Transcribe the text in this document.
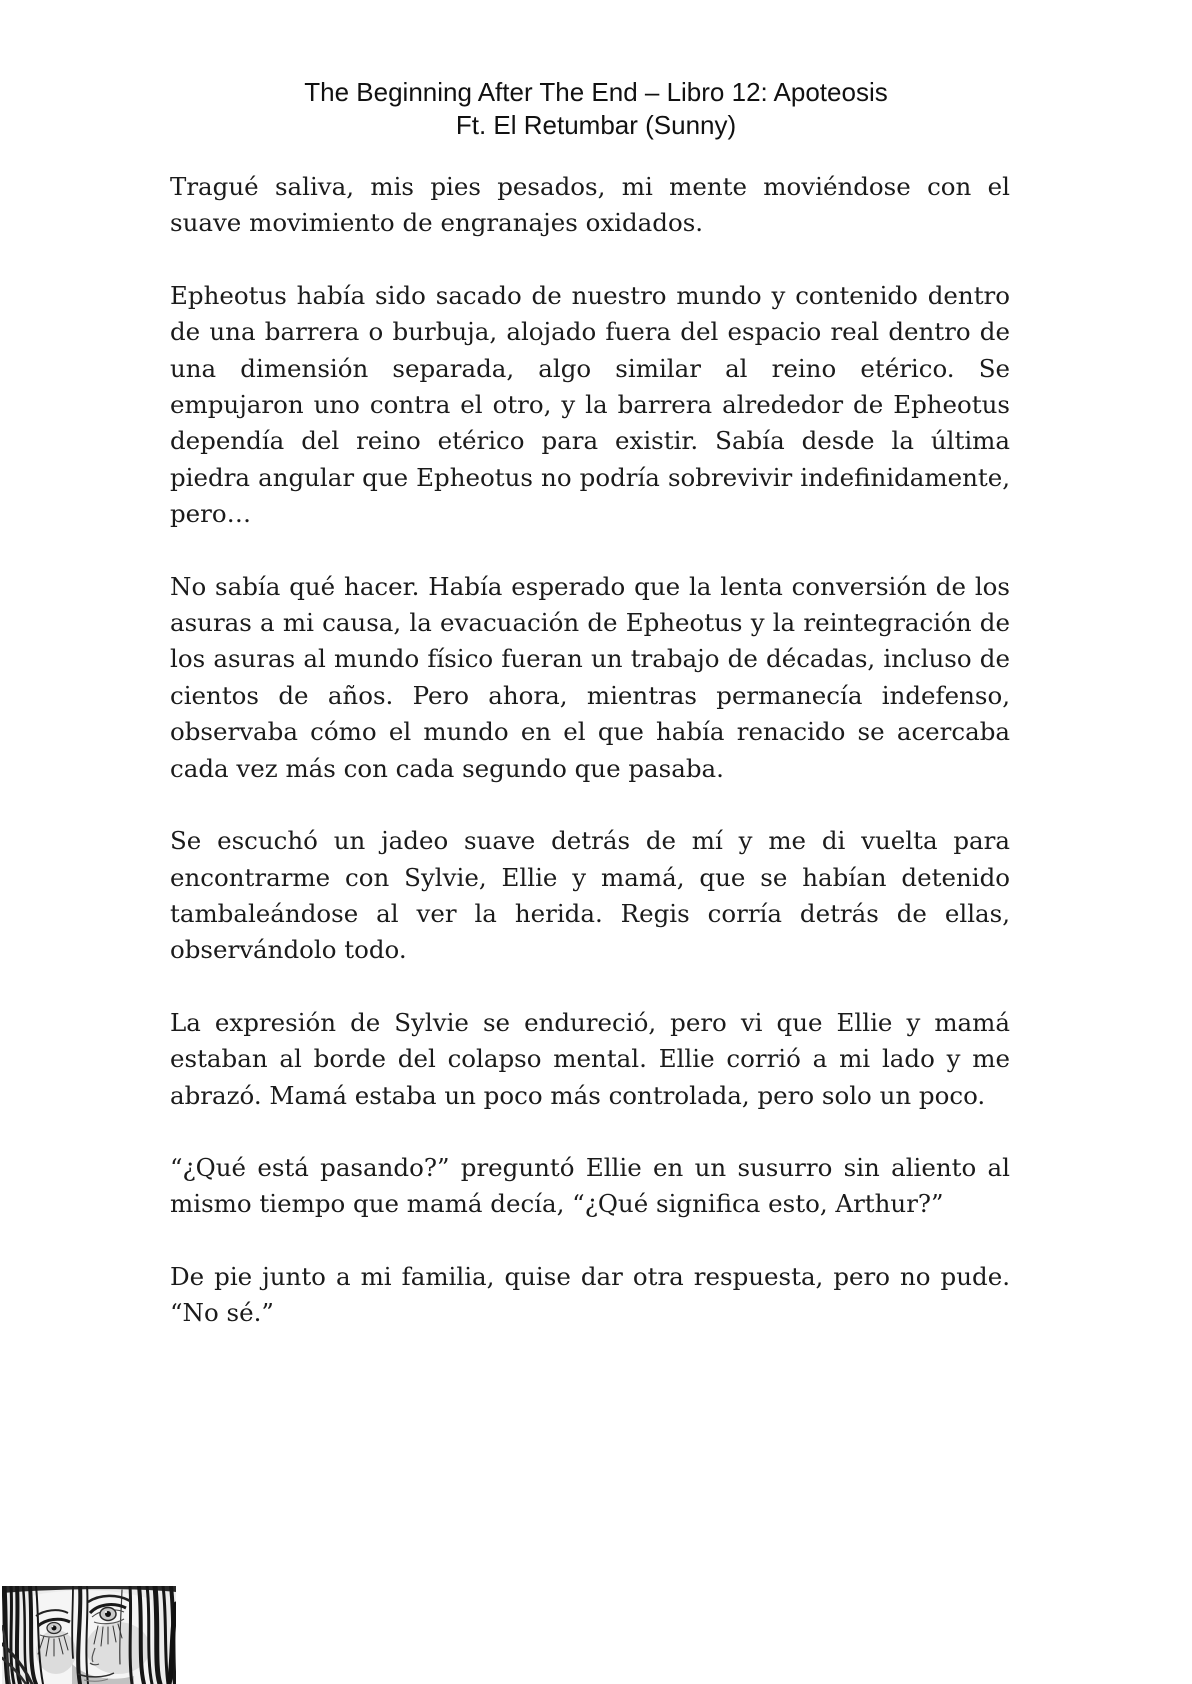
The Beginning After The End – Libro 12: Apoteosis
Ft. El Retumbar (Sunny)

Tragué saliva, mis pies pesados, mi mente moviéndose con el suave movimiento de engranajes oxidados.

Epheotus había sido sacado de nuestro mundo y contenido dentro de una barrera o burbuja, alojado fuera del espacio real dentro de una dimensión separada, algo similar al reino etérico. Se empujaron uno contra el otro, y la barrera alrededor de Epheotus dependía del reino etérico para existir. Sabía desde la última piedra angular que Epheotus no podría sobrevivir indefinidamente, pero…

No sabía qué hacer. Había esperado que la lenta conversión de los asuras a mi causa, la evacuación de Epheotus y la reintegración de los asuras al mundo físico fueran un trabajo de décadas, incluso de cientos de años. Pero ahora, mientras permanecía indefenso, observaba cómo el mundo en el que había renacido se acercaba cada vez más con cada segundo que pasaba.

Se escuchó un jadeo suave detrás de mí y me di vuelta para encontrarme con Sylvie, Ellie y mamá, que se habían detenido tambaleándose al ver la herida. Regis corría detrás de ellas, observándolo todo.

La expresión de Sylvie se endureció, pero vi que Ellie y mamá estaban al borde del colapso mental. Ellie corrió a mi lado y me abrazó. Mamá estaba un poco más controlada, pero solo un poco.

“¿Qué está pasando?” preguntó Ellie en un susurro sin aliento al mismo tiempo que mamá decía, “¿Qué significa esto, Arthur?”

De pie junto a mi familia, quise dar otra respuesta, pero no pude. “No sé.”
